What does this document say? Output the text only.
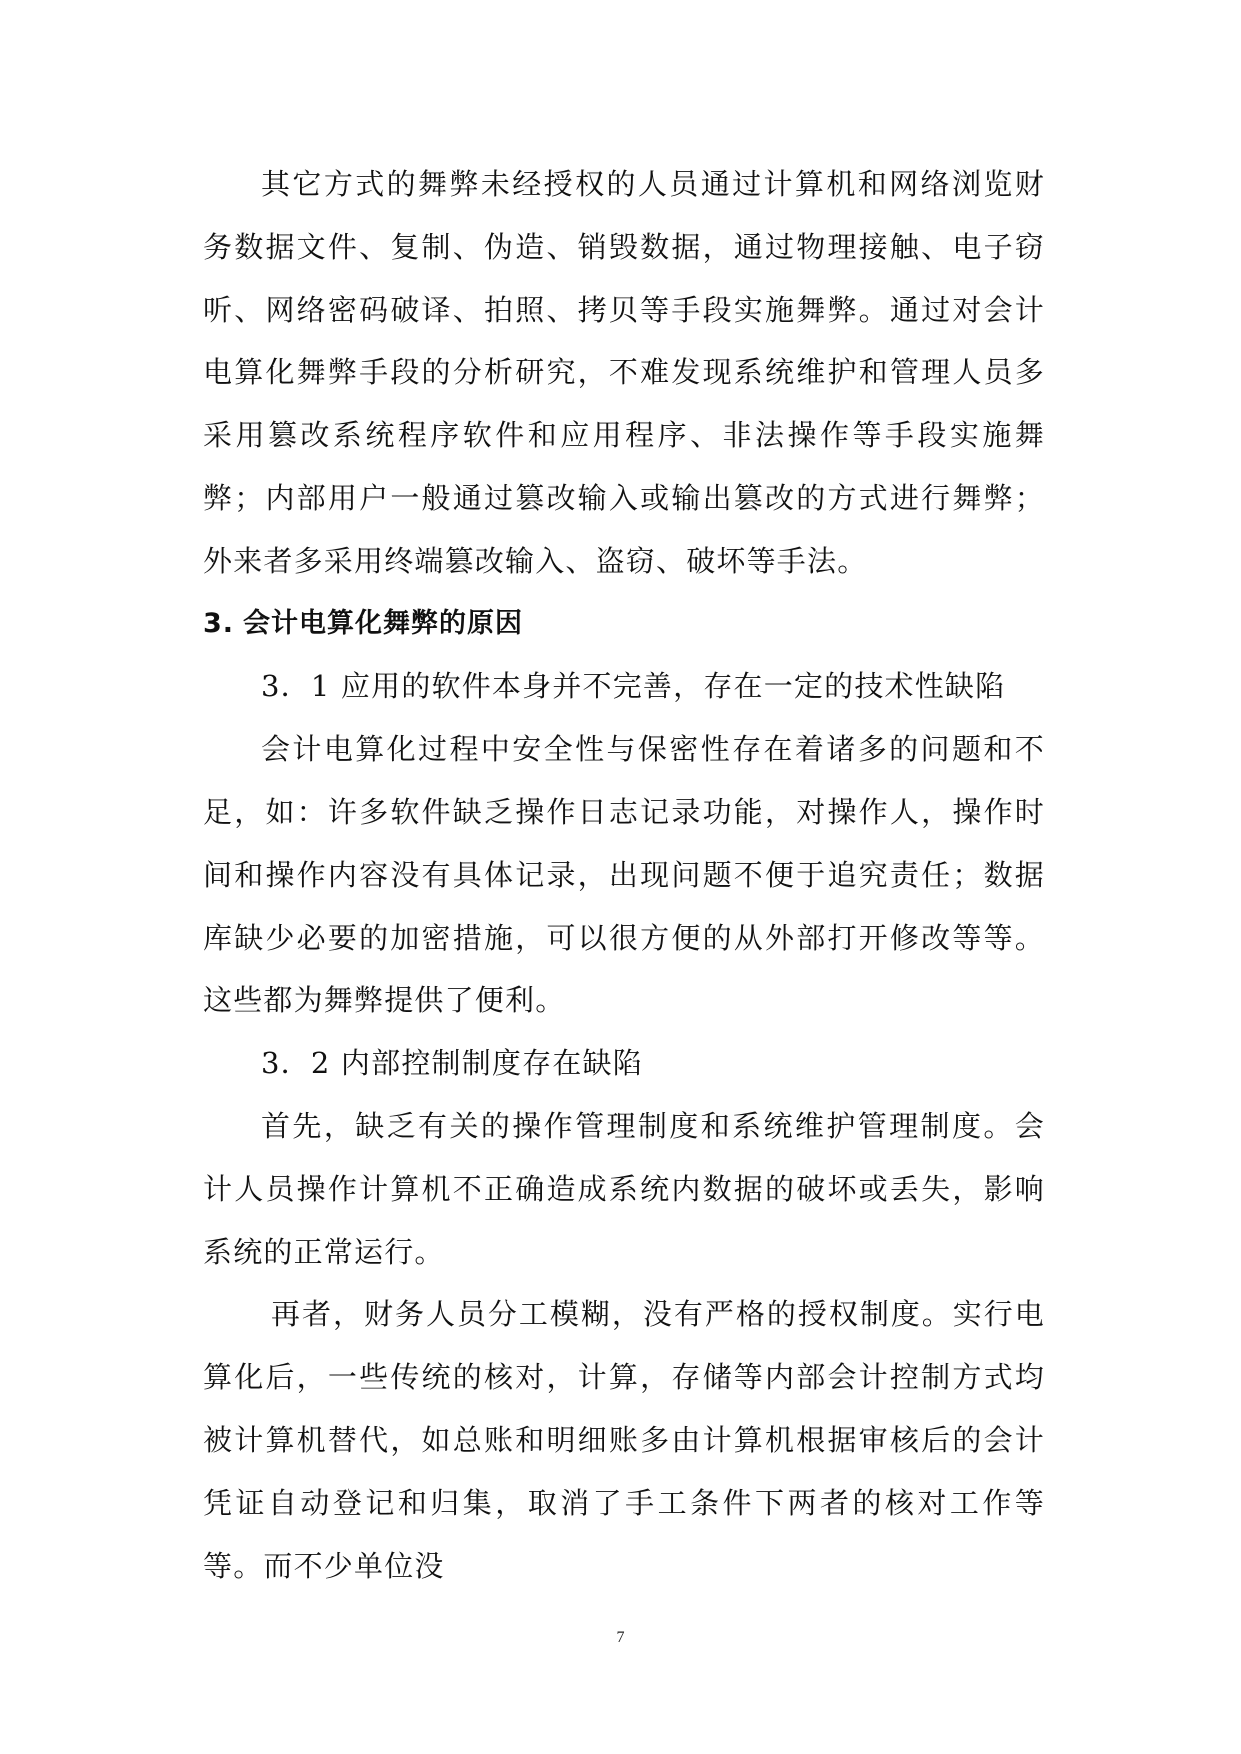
其它方式的舞弊未经授权的人员通过计算机和网络浏览财务数据文件、复制、伪造、销毁数据，通过物理接触、电子窃听、网络密码破译、拍照、拷贝等手段实施舞弊。通过对会计电算化舞弊手段的分析研究，不难发现系统维护和管理人员多采用篡改系统程序软件和应用程序、非法操作等手段实施舞弊；内部用户一般通过篡改输入或输出篡改的方式进行舞弊；外来者多采用终端篡改输入、盗窃、破坏等手法。

3. 会计电算化舞弊的原因

3．1 应用的软件本身并不完善，存在一定的技术性缺陷

会计电算化过程中安全性与保密性存在着诸多的问题和不足，如：许多软件缺乏操作日志记录功能，对操作人，操作时间和操作内容没有具体记录，出现问题不便于追究责任；数据库缺少必要的加密措施，可以很方便的从外部打开修改等等。这些都为舞弊提供了便利。

3．2 内部控制制度存在缺陷

首先，缺乏有关的操作管理制度和系统维护管理制度。会计人员操作计算机不正确造成系统内数据的破坏或丢失，影响系统的正常运行。

再者，财务人员分工模糊，没有严格的授权制度。实行电算化后，一些传统的核对，计算，存储等内部会计控制方式均被计算机替代，如总账和明细账多由计算机根据审核后的会计凭证自动登记和归集，取消了手工条件下两者的核对工作等等。而不少单位没

7
